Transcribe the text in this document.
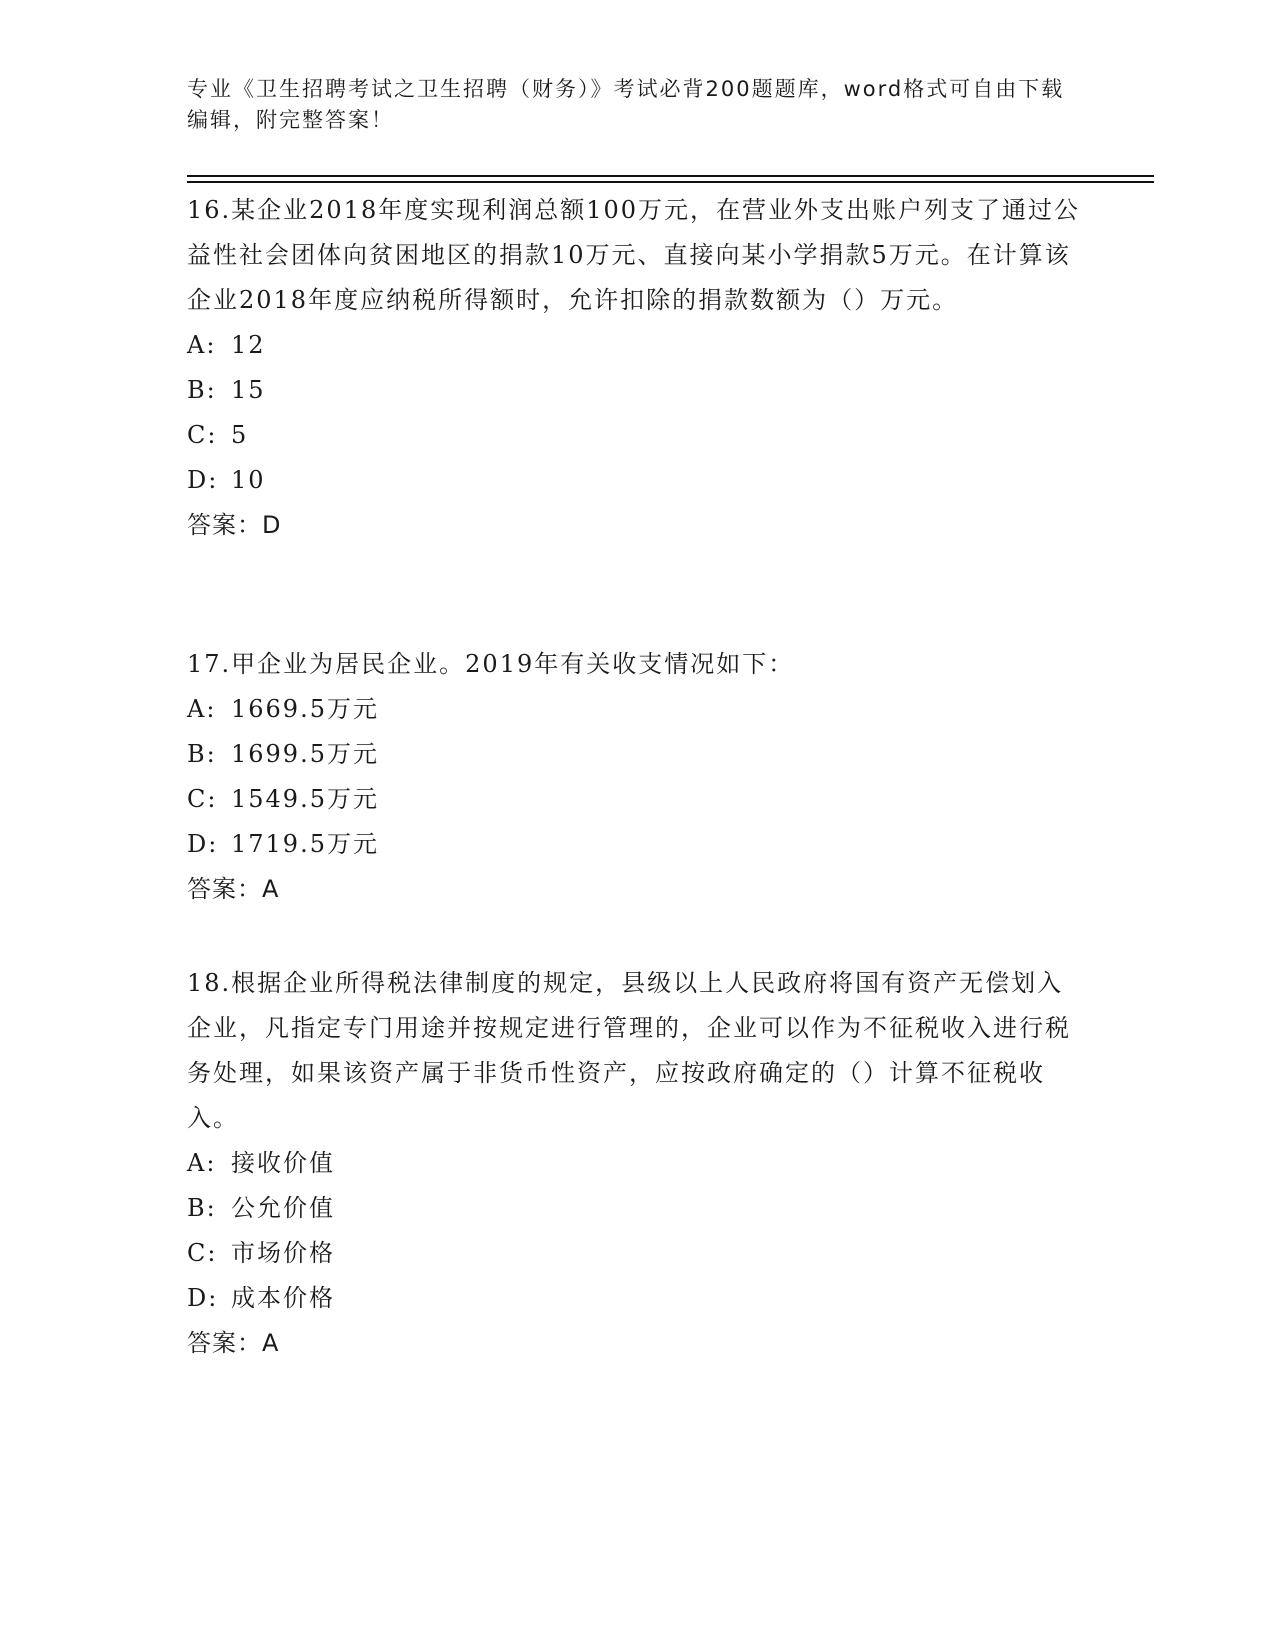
专业《卫生招聘考试之卫生招聘（财务）》考试必背200题题库，word格式可自由下载编辑，附完整答案！

16.某企业2018年度实现利润总额100万元，在营业外支出账户列支了通过公益性社会团体向贫困地区的捐款10万元、直接向某小学捐款5万元。在计算该企业2018年度应纳税所得额时，允许扣除的捐款数额为（）万元。

A: 12
B: 15
C: 5
D: 10
答案：D

17.甲企业为居民企业。2019年有关收支情况如下：

A: 1669.5万元
B: 1699.5万元
C: 1549.5万元
D: 1719.5万元
答案：A

18.根据企业所得税法律制度的规定，县级以上人民政府将国有资产无偿划入企业，凡指定专门用途并按规定进行管理的，企业可以作为不征税收入进行税务处理，如果该资产属于非货币性资产，应按政府确定的（）计算不征税收入。

A: 接收价值
B: 公允价值
C: 市场价格
D: 成本价格
答案：A
